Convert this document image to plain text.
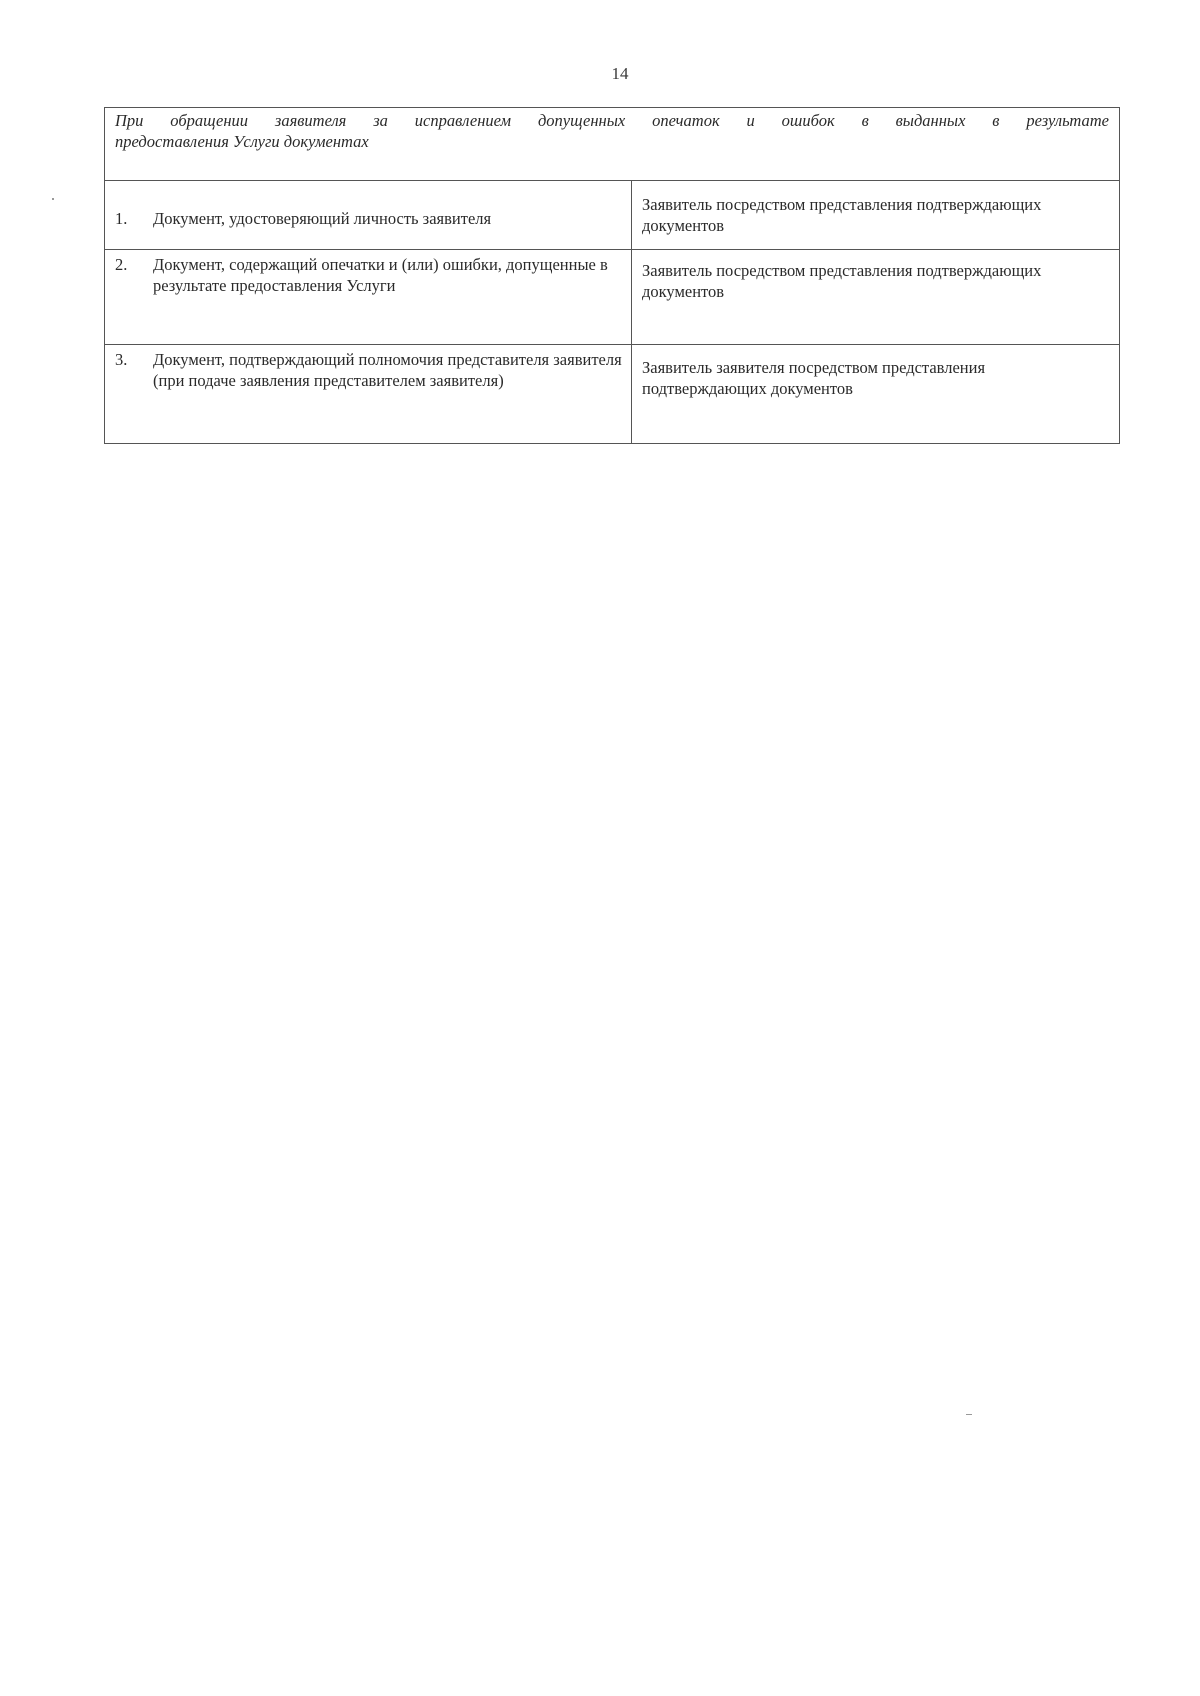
14
При обращении заявителя за исправлением допущенных опечаток и ошибок в выданных в результате
предоставления Услуги документах	

1. Документ, удостоверяющий личность заявителя	Заявитель посредством представления подтверждающих документов

2. Документ, содержащий опечатки и (или) ошибки, допущенные в результате предоставления Услуги	Заявитель посредством представления подтверждающих документов

3. Документ, подтверждающий полномочия представителя заявителя (при подаче заявления представителем заявителя)	Заявитель заявителя посредством представления подтверждающих документов
